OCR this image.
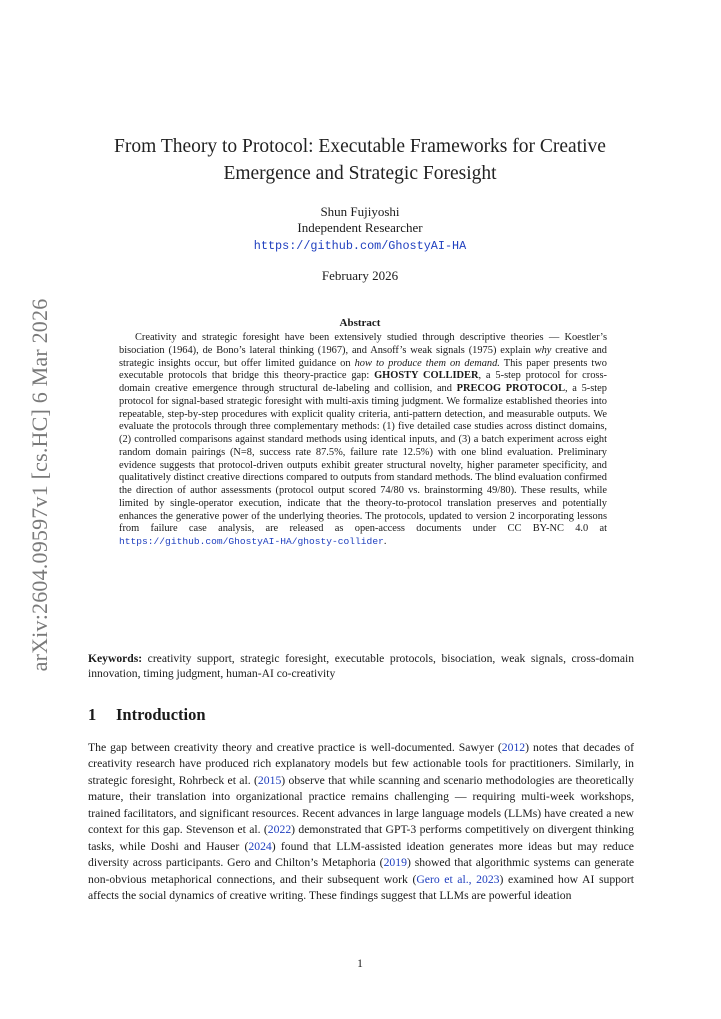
arXiv:2604.09597v1 [cs.HC] 6 Mar 2026
From Theory to Protocol: Executable Frameworks for Creative
Emergence and Strategic Foresight
Shun Fujiyoshi
Independent Researcher
https://github.com/GhostyAI-HA
February 2026
Abstract

Creativity and strategic foresight have been extensively studied through descriptive theories — Koestler’s bisociation (1964), de Bono’s lateral thinking (1967), and Ansoff’s weak signals (1975) explain why creative and strategic insights occur, but offer limited guidance on how to produce them on demand. This paper presents two executable protocols that bridge this theory-practice gap: GHOSTY COLLIDER, a 5-step protocol for cross-domain creative emergence through structural de-labeling and collision, and PRECOG PROTOCOL, a 5-step protocol for signal-based strategic foresight with multi-axis timing judgment. We formalize established theories into repeatable, step-by-step procedures with explicit quality criteria, anti-pattern detection, and measurable outputs. We evaluate the protocols through three complementary methods: (1) five detailed case studies across distinct domains, (2) controlled comparisons against standard methods using identical inputs, and (3) a batch experiment across eight random domain pairings (N=8, success rate 87.5%, failure rate 12.5%) with one blind evaluation. Preliminary evidence suggests that protocol-driven outputs exhibit greater structural novelty, higher parameter specificity, and qualitatively distinct creative directions compared to outputs from standard methods. The blind evaluation confirmed the direction of author assessments (protocol output scored 74/80 vs. brainstorming 49/80). These results, while limited by single-operator execution, indicate that the theory-to-protocol translation preserves and potentially enhances the generative power of the underlying theories. The protocols, updated to version 2 incorporating lessons from failure case analysis, are released as open-access documents under CC BY-NC 4.0 at https://github.com/GhostyAI-HA/ghosty-collider.

Keywords: creativity support, strategic foresight, executable protocols, bisociation, weak signals, cross-domain innovation, timing judgment, human-AI co-creativity
1 Introduction

The gap between creativity theory and creative practice is well-documented. Sawyer (2012) notes that decades of creativity research have produced rich explanatory models but few actionable tools for practitioners. Similarly, in strategic foresight, Rohrbeck et al. (2015) observe that while scanning and scenario methodologies are theoretically mature, their translation into organizational practice remains challenging — requiring multi-week workshops, trained facilitators, and significant resources. Recent advances in large language models (LLMs) have created a new context for this gap. Stevenson et al. (2022) demonstrated that GPT-3 performs competitively on divergent thinking tasks, while Doshi and Hauser (2024) found that LLM-assisted ideation generates more ideas but may reduce diversity across participants. Gero and Chilton’s Metaphoria (2019) showed that algorithmic systems can generate non-obvious metaphorical connections, and their subsequent work (Gero et al., 2023) examined how AI support affects the social dynamics of creative writing. These findings suggest that LLMs are powerful ideation

1
